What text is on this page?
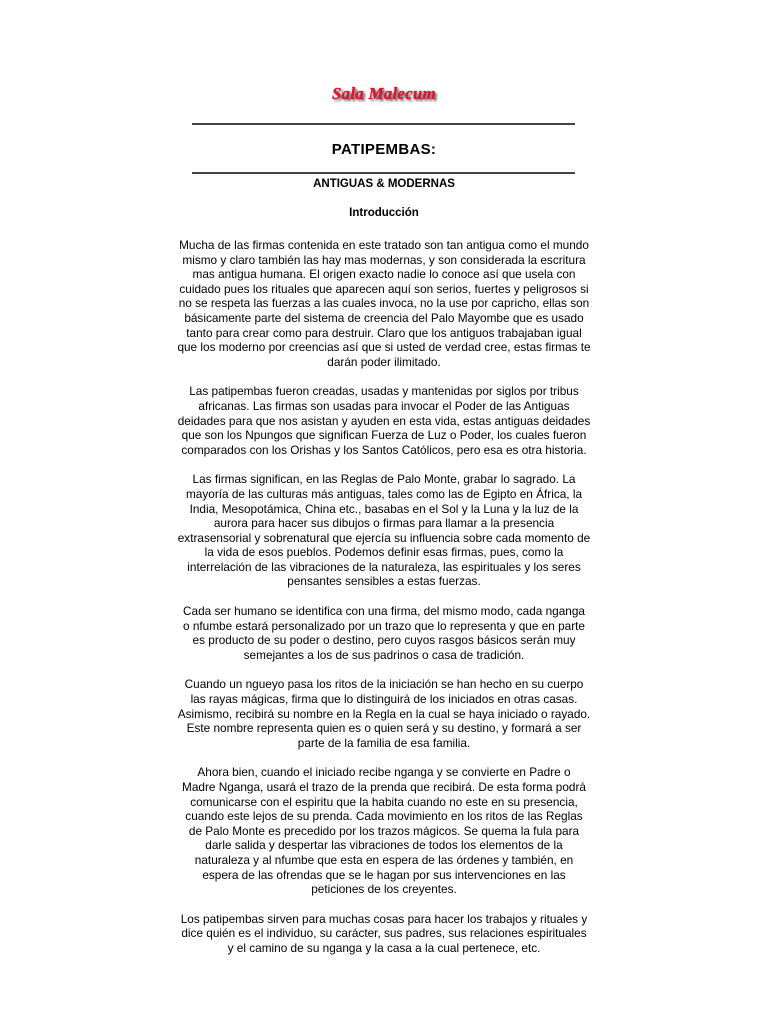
Sala Malecum
PATIPEMBAS:
ANTIGUAS & MODERNAS
Introducción

Mucha de las firmas contenida en este tratado son tan antigua como el mundo
mismo y claro también las hay mas modernas, y son considerada la escritura
mas antigua humana. El origen exacto nadie lo conoce así que usela con
cuidado pues los rituales que aparecen aquí son serios, fuertes y peligrosos si
no se respeta las fuerzas a las cuales invoca, no la use por capricho, ellas son
básicamente parte del sistema de creencia del Palo Mayombe que es usado
tanto para crear como para destruir. Claro que los antiguos trabajaban igual
que los moderno por creencias así que si usted de verdad cree, estas firmas te
darán poder ilimitado.

Las patipembas fueron creadas, usadas y mantenidas por siglos por tribus
africanas. Las firmas son usadas para invocar el Poder de las Antiguas
deidades para que nos asistan y ayuden en esta vida, estas antiguas deidades
que son los Npungos que significan Fuerza de Luz o Poder, los cuales fueron
comparados con los Orishas y los Santos Católicos, pero esa es otra historia.

Las firmas significan, en las Reglas de Palo Monte, grabar lo sagrado. La
mayoría de las culturas más antiguas, tales como las de Egipto en África, la
India, Mesopotámica, China etc., basabas en el Sol y la Luna y la luz de la
aurora para hacer sus dibujos o firmas para llamar a la presencia
extrasensorial y sobrenatural que ejercía su influencia sobre cada momento de
la vida de esos pueblos. Podemos definir esas firmas, pues, como la
interrelación de las vibraciones de la naturaleza, las espirituales y los seres
pensantes sensibles a estas fuerzas.

Cada ser humano se identifica con una firma, del mismo modo, cada nganga
o nfumbe estará personalizado por un trazo que lo representa y que en parte
es producto de su poder o destino, pero cuyos rasgos básicos serán muy
semejantes a los de sus padrinos o casa de tradición.

Cuando un ngueyo pasa los ritos de la iniciación se han hecho en su cuerpo
las rayas mágicas, firma que lo distinguirá de los iniciados en otras casas.
Asimismo, recibirá su nombre en la Regla en la cual se haya iniciado o rayado.
Este nombre representa quien es o quien será y su destino, y formará a ser
parte de la familia de esa familia.

Ahora bien, cuando el iniciado recibe nganga y se convierte en Padre o
Madre Nganga, usará el trazo de la prenda que recibirá. De esta forma podrá
comunicarse con el espiritu que la habita cuando no este en su presencia,
cuando este lejos de su prenda. Cada movimiento en los ritos de las Reglas
de Palo Monte es precedido por los trazos mágicos. Se quema la fula para
darle salida y despertar las vibraciones de todos los elementos de la
naturaleza y al nfumbe que esta en espera de las órdenes y también, en
espera de las ofrendas que se le hagan por sus intervenciones en las
peticiones de los creyentes.

Los patipembas sirven para muchas cosas para hacer los trabajos y rituales y
dice quién es el individuo, su carácter, sus padres, sus relaciones espirituales
y el camino de su nganga y la casa a la cual pertenece, etc.
